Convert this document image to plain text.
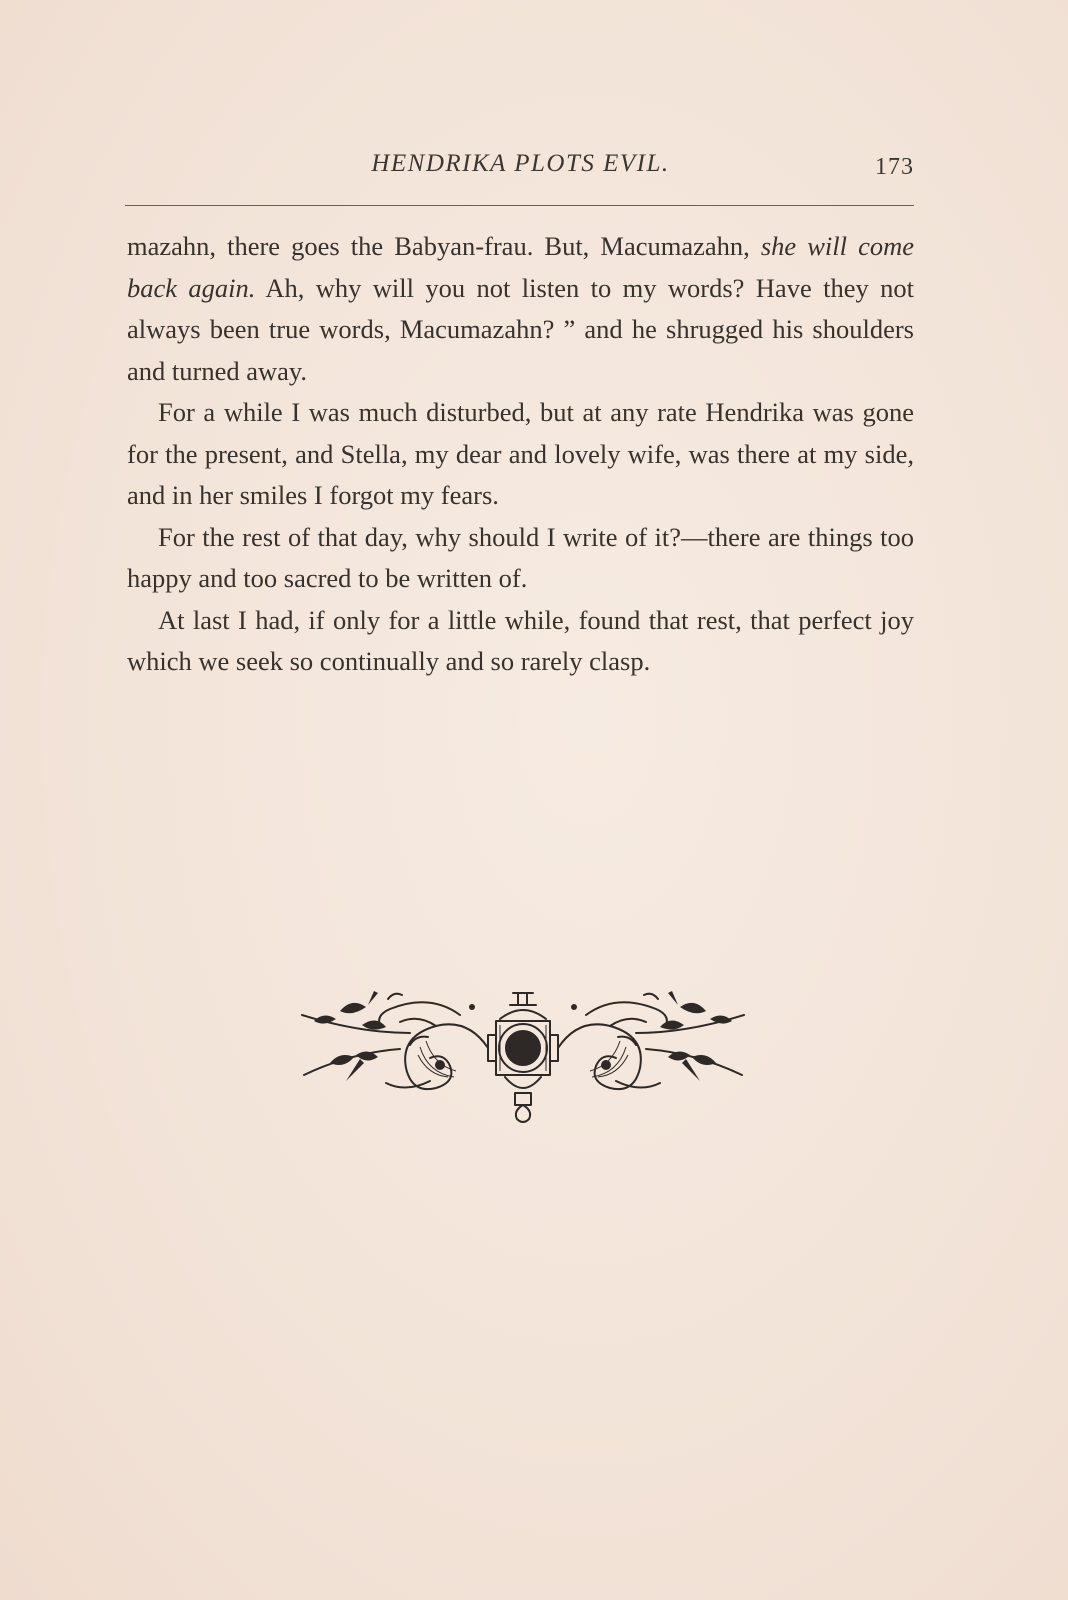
HENDRIKA PLOTS EVIL.	173

mazahn, there goes the Babyan-frau. But, Macumazahn, she will come back again. Ah, why will you not listen to my words? Have they not always been true words, Macumazahn? ” and he shrugged his shoulders and turned away.

For a while I was much disturbed, but at any rate Hendrika was gone for the present, and Stella, my dear and lovely wife, was there at my side, and in her smiles I forgot my fears.

For the rest of that day, why should I write of it?—there are things too happy and too sacred to be written of.

At last I had, if only for a little while, found that rest, that perfect joy which we seek so continually and so rarely clasp.
